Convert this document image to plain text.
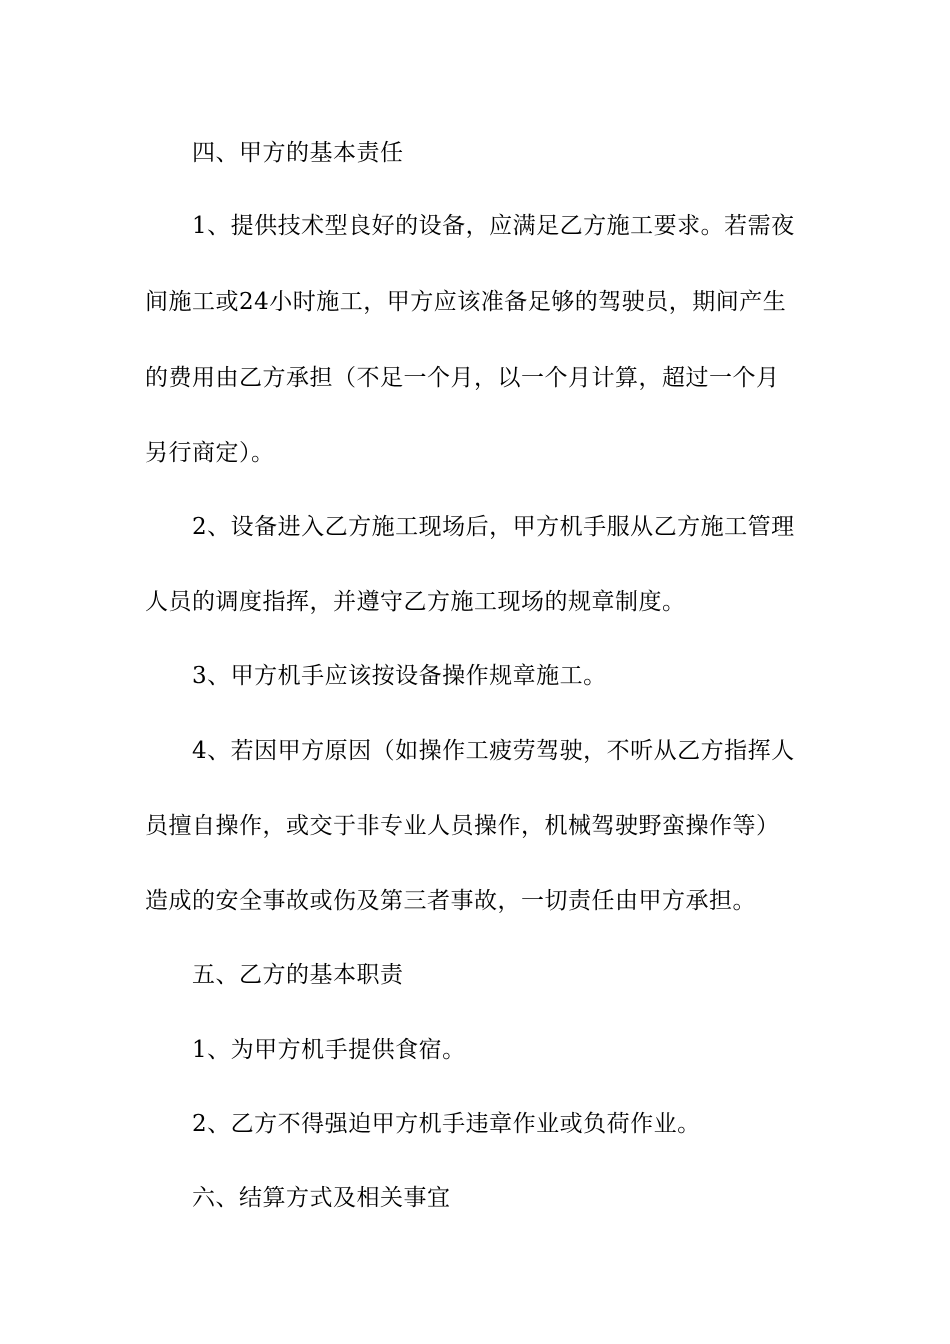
四、甲方的基本责任
1、提供技术型良好的设备，应满足乙方施工要求。若需夜
间施工或24小时施工，甲方应该准备足够的驾驶员，期间产生
的费用由乙方承担（不足一个月，以一个月计算，超过一个月
另行商定）。
2、设备进入乙方施工现场后，甲方机手服从乙方施工管理
人员的调度指挥，并遵守乙方施工现场的规章制度。
3、甲方机手应该按设备操作规章施工。
4、若因甲方原因（如操作工疲劳驾驶，不听从乙方指挥人
员擅自操作，或交于非专业人员操作，机械驾驶野蛮操作等）
造成的安全事故或伤及第三者事故，一切责任由甲方承担。
五、乙方的基本职责
1、为甲方机手提供食宿。
2、乙方不得强迫甲方机手违章作业或负荷作业。
六、结算方式及相关事宜
